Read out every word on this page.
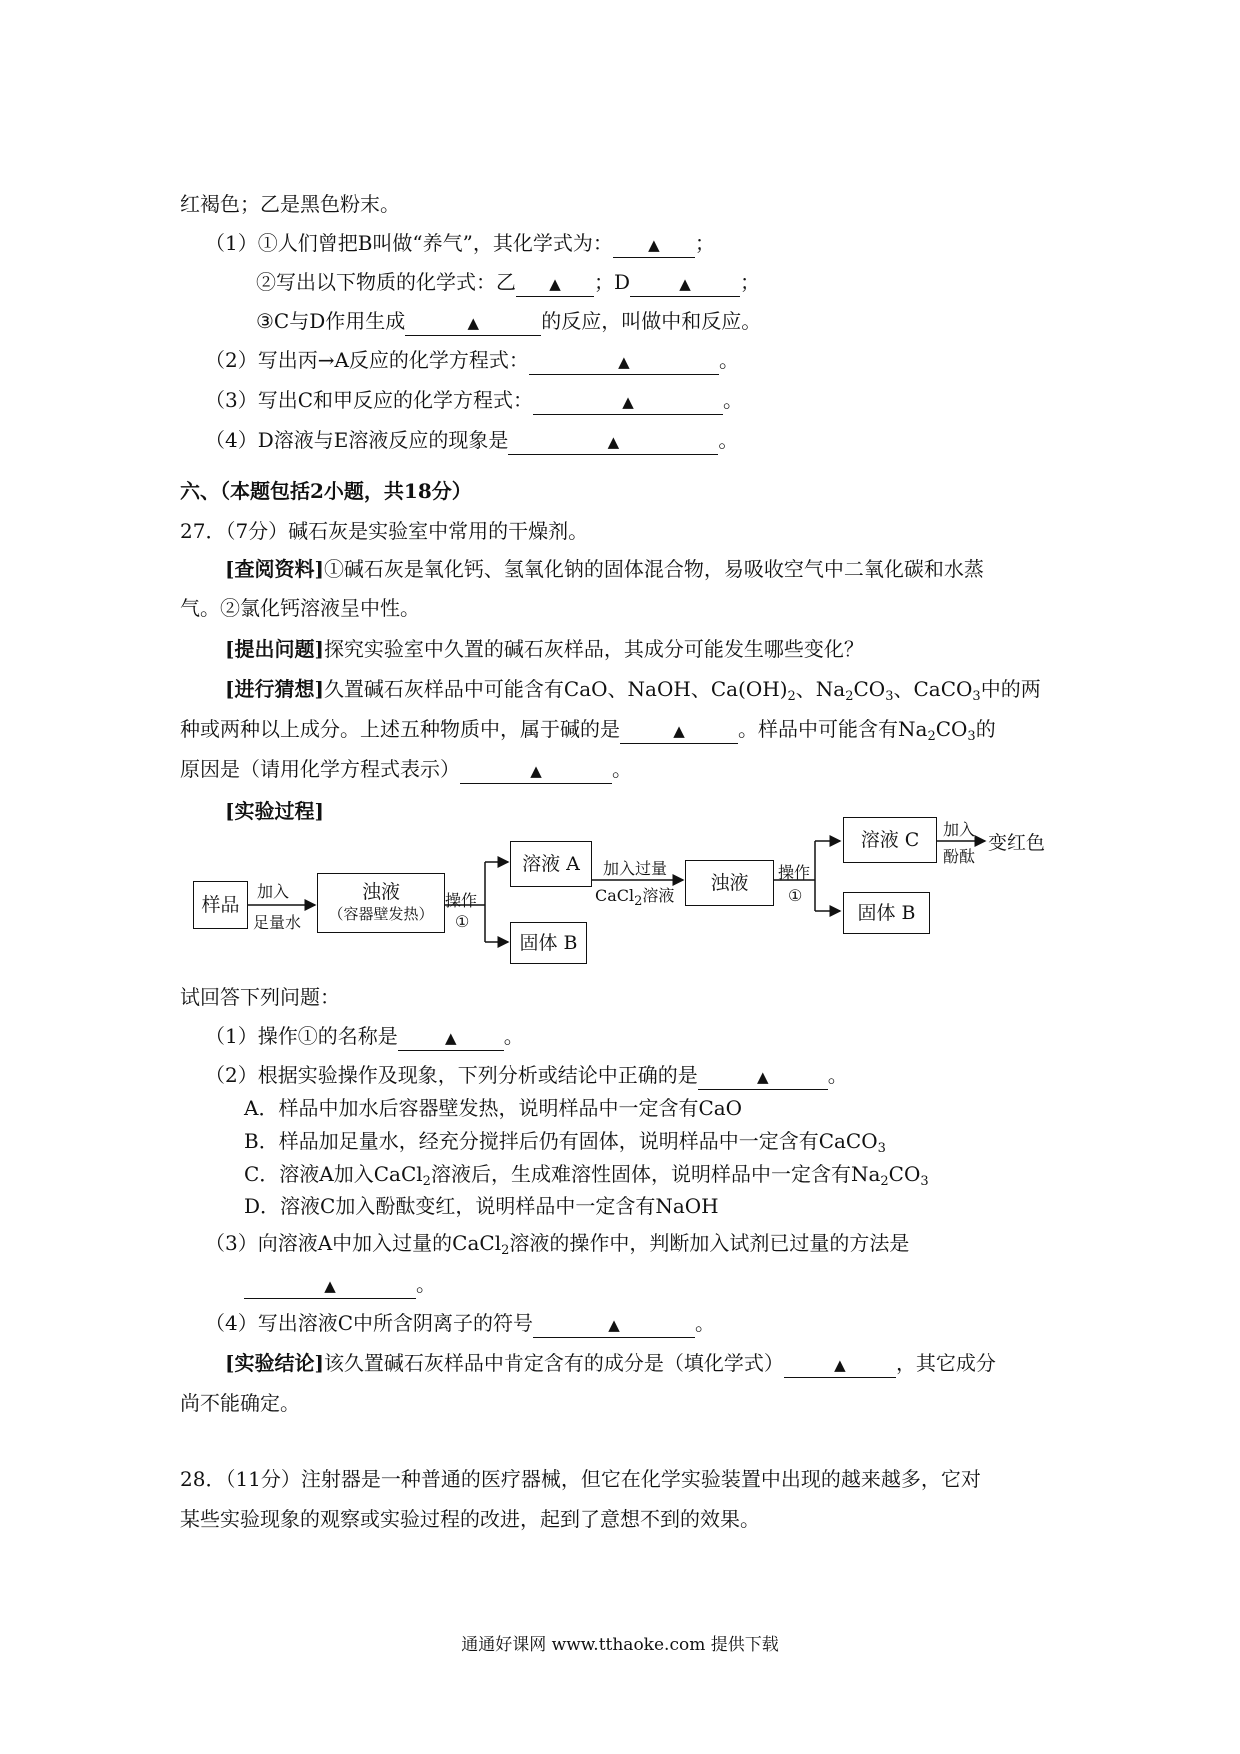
红褐色；乙是黑色粉末。
（1）①人们曾把B叫做“养气”，其化学式为： ▲ ；
②写出以下物质的化学式：乙 ▲ ；D	▲ ；
③C与D作用生成	▲	的反应，叫做中和反应。
（2）写出丙→A反应的化学方程式：	▲	。
（3）写出C和甲反应的化学方程式：	▲	。
（4）D溶液与E溶液反应的现象是	▲	。
六、（本题包括2小题，共18分）
27．（7分）碱石灰是实验室中常用的干燥剂。
[查阅资料]①碱石灰是氧化钙、氢氧化钠的固体混合物，易吸收空气中二氧化碳和水蒸
气。②氯化钙溶液呈中性。
[提出问题]探究实验室中久置的碱石灰样品，其成分可能发生哪些变化？
[进行猜想]久置碱石灰样品中可能含有CaO、NaOH、$Ca(OH)_2$、$Na_2CO_3$、CaCO$_3$中的两
种或两种以上成分。上述五种物质中，属于碱的是	▲	。样品中可能含有$Na_2CO_3$的
原因是（请用化学方程式表示）	▲	。
[实验过程]
样品
加入
足量水
浊液
（容器壁发热）
操作
①
溶液 A
固体 B
加入过量
CaCl$_2$溶液
浊液	操作
①
溶液 C
固体 B
加入
酚酞
变红色
试回答下列问题：
（1）操作①的名称是	▲ 。
（2）根据实验操作及现象，下列分析或结论中正确的是	▲	。
A．样品中加水后容器壁发热，说明样品中一定含有CaO
B．样品加足量水，经充分搅拌后仍有固体，说明样品中一定含有CaCO$_3$
C．溶液A加入CaCl$_2$溶液后，生成难溶性固体，说明样品中一定含有$Na_2CO_3$
D．溶液C加入酚酞变红，说明样品中一定含有NaOH
（3）向溶液A中加入过量的CaCl$_2$溶液的操作中，判断加入试剂已过量的方法是
▲	。
（4）写出溶液C中所含阴离子的符号	▲	。
[实验结论]该久置碱石灰样品中肯定含有的成分是（填化学式）	▲	，其它成分
尚不能确定。
28．（11分）注射器是一种普通的医疗器械，但它在化学实验装置中出现的越来越多，它对
某些实验现象的观察或实验过程的改进，起到了意想不到的效果。
通通好课网 www.tthaoke.com 提供下载
